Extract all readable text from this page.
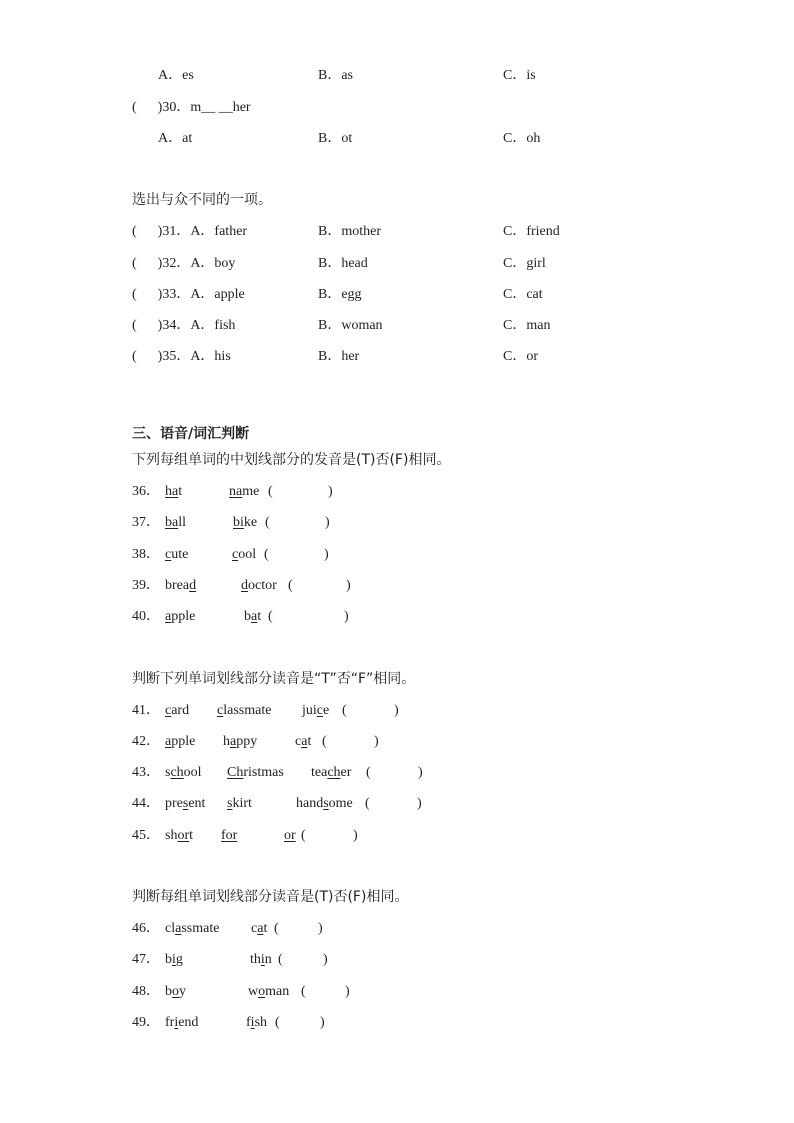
A．es	B．as	C．is
(      )30．m__ __her
A．at	B．ot	C．oh
选出与众不同的一项。
(      )31．A．father	B．mother	C．friend
(      )32．A．boy	B．head	C．girl
(      )33．A．apple	B．egg	C．cat
(      )34．A．fish	B．woman	C．man
(      )35．A．his	B．her	C．or
三、语音/词汇判断
下列每组单词的中划线部分的发音是(T)否(F)相同。
36． hat	name (	)
37． ball	bike (	)
38． cute	cool (	)
39． bread	doctor (	)
40． apple	bat (	)
判断下列单词划线部分读音是“T”否“F”相同。
41． card classmate juice (	)
42． apple happy	cat (	)
43． school Christmas teacher (	)
44． present skirt	handsome (	)
45． short for	or (	)
判断每组单词划线部分读音是(T)否(F)相同。
46． classmate cat (	)
47． big	thin (	)
48． boy	woman (	)
49． friend	fish (	)
